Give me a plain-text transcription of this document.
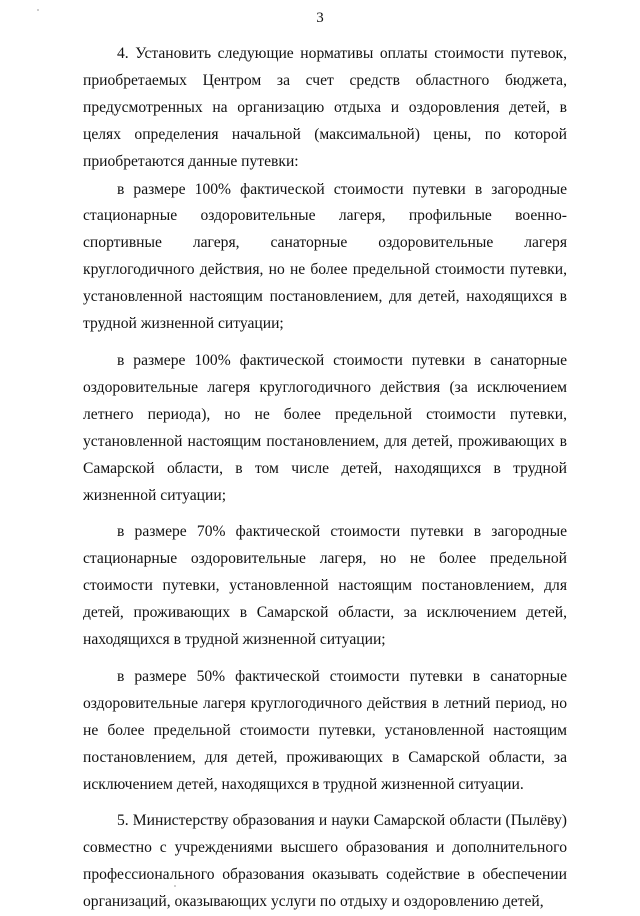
3

4. Установить следующие нормативы оплаты стоимости путевок, приобретаемых Центром за счет средств областного бюджета, предусмотренных на организацию отдыха и оздоровления детей, в целях определения начальной (максимальной) цены, по которой приобретаются данные путевки:

в размере 100% фактической стоимости путевки в загородные стационарные оздоровительные лагеря, профильные военно-спортивные лагеря, санаторные оздоровительные лагеря круглогодичного действия, но не более предельной стоимости путевки, установленной настоящим постановлением, для детей, находящихся в трудной жизненной ситуации;

в размере 100% фактической стоимости путевки в санаторные оздоровительные лагеря круглогодичного действия (за исключением летнего периода), но не более предельной стоимости путевки, установленной настоящим постановлением, для детей, проживающих в Самарской области, в том числе детей, находящихся в трудной жизненной ситуации;

в размере 70% фактической стоимости путевки в загородные стационарные оздоровительные лагеря, но не более предельной стоимости путевки, установленной настоящим постановлением, для детей, проживающих в Самарской области, за исключением детей, находящихся в трудной жизненной ситуации;

в размере 50% фактической стоимости путевки в санаторные оздоровительные лагеря круглогодичного действия в летний период, но не более предельной стоимости путевки, установленной настоящим постановлением, для детей, проживающих в Самарской области, за исключением детей, находящихся в трудной жизненной ситуации.

5. Министерству образования и науки Самарской области (Пылёву) совместно с учреждениями высшего образования и дополнительного профессионального образования оказывать содействие в обеспечении организаций, оказывающих услуги по отдыху и оздоровлению детей,
